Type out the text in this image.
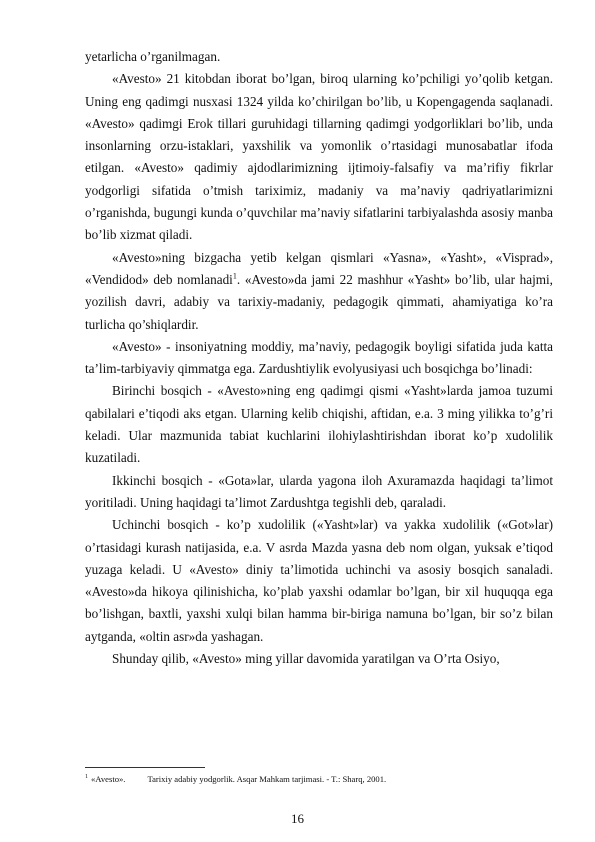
yetarlicha o’rganilmagan.

«Avesto» 21 kitobdan iborat bo’lgan, biroq ularning ko’pchiligi yo’qolib ketgan. Uning eng qadimgi nusxasi 1324 yilda ko’chirilgan bo’lib, u Kopengagenda saqlanadi. «Avesto» qadimgi Erok tillari guruhidagi tillarning qadimgi yodgorliklari bo’lib, unda insonlarning orzu-istaklari, yaxshilik va yomonlik o’rtasidagi munosabatlar ifoda etilgan. «Avesto» qadimiy ajdodlarimizning ijtimoiy-falsafiy va ma’rifiy fikrlar yodgorligi sifatida o’tmish tariximiz, madaniy va ma’naviy qadriyatlarimizni o’rganishda, bugungi kunda o’quvchilar ma’naviy sifatlarini tarbiyalashda asosiy manba bo’lib xizmat qiladi.

«Avesto»ning bizgacha yetib kelgan qismlari «Yasna», «Yasht», «Visprad», «Vendidod» deb nomlanadi$^1$. «Avesto»da jami 22 mashhur «Yasht» bo’lib, ular hajmi, yozilish davri, adabiy va tarixiy-madaniy, pedagogik qimmati, ahamiyatiga ko’ra turlicha qo’shiqlardir.

«Avesto» - insoniyatning moddiy, ma’naviy, pedagogik boyligi sifatida juda katta ta’lim-tarbiyaviy qimmatga ega. Zardushtiylik evolyusiyasi uch bosqichga bo’linadi:

Birinchi bosqich - «Avesto»ning eng qadimgi qismi «Yasht»larda jamoa tuzumi qabilalari e’tiqodi aks etgan. Ularning kelib chiqishi, aftidan, e.a. 3 ming yilikka to’g’ri keladi. Ular mazmunida tabiat kuchlarini ilohiylashtirishdan iborat ko’p xudolilik kuzatiladi.

Ikkinchi bosqich - «Gota»lar, ularda yagona iloh Axuramazda haqidagi ta’limot yoritiladi. Uning haqidagi ta’limot Zardushtga tegishli deb, qaraladi.

Uchinchi bosqich - ko’p xudolilik («Yasht»lar) va yakka xudolilik («Got»lar) o’rtasidagi kurash natijasida, e.a. V asrda Mazda yasna deb nom olgan, yuksak e’tiqod yuzaga keladi. U «Avesto» diniy ta’limotida uchinchi va asosiy bosqich sanaladi. «Avesto»da hikoya qilinishicha, ko’plab yaxshi odamlar bo’lgan, bir xil huquqqa ega bo’lishgan, baxtli, yaxshi xulqi bilan hamma bir-biriga namuna bo’lgan, bir so’z bilan aytganda, «oltin asr»da yashagan.

Shunday qilib, «Avesto» ming yillar davomida yaratilgan va O’rta Osiyo,

$^1$ «Avesto».	Tarixiy adabiy yodgorlik. Asqar Mahkam tarjimasi. - T.: Sharq, 2001.
16
